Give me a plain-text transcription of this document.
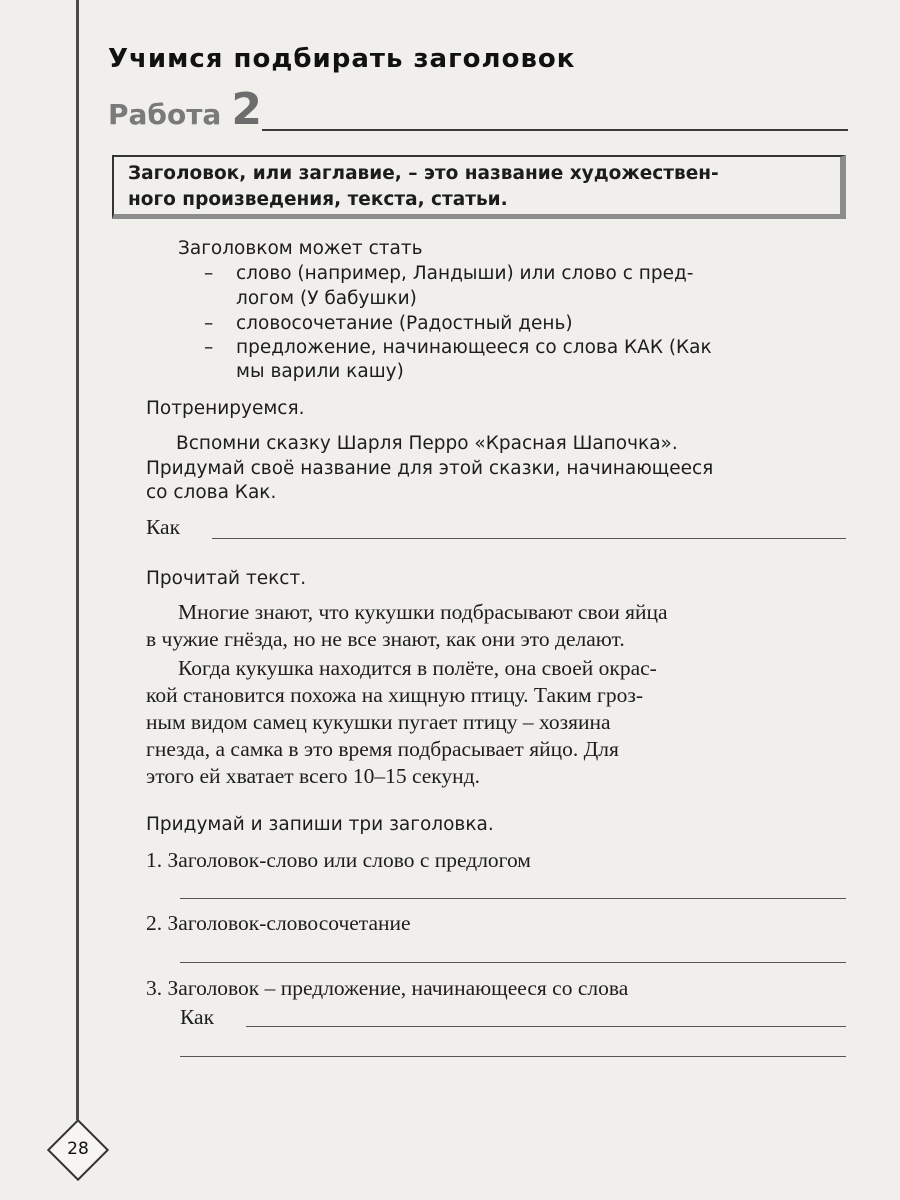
Учимся подбирать заголовок
Работа 2
Заголовок, или заглавие, – это название художествен-
ного произведения, текста, статьи.
Заголовком может стать
– слово (например, Ландыши) или слово с пред-
логом (У бабушки)
– словосочетание (Радостный день)
– предложение, начинающееся со слова КАК (Как
мы варили кашу)
Потренируемся.
Вспомни сказку Шарля Перро «Красная Шапочка».
Придумай своё название для этой сказки, начинающееся
со слова Как.
Как
Прочитай текст.
Многие знают, что кукушки подбрасывают свои яйца
в чужие гнёзда, но не все знают, как они это делают.
Когда кукушка находится в полёте, она своей окрас-
кой становится похожа на хищную птицу. Таким гроз-
ным видом самец кукушки пугает птицу – хозяина
гнезда, а самка в это время подбрасывает яйцо. Для
этого ей хватает всего 10–15 секунд.
Придумай и запиши три заголовка.
1. Заголовок-слово или слово с предлогом
2. Заголовок-словосочетание
3. Заголовок – предложение, начинающееся со слова
Как
28
